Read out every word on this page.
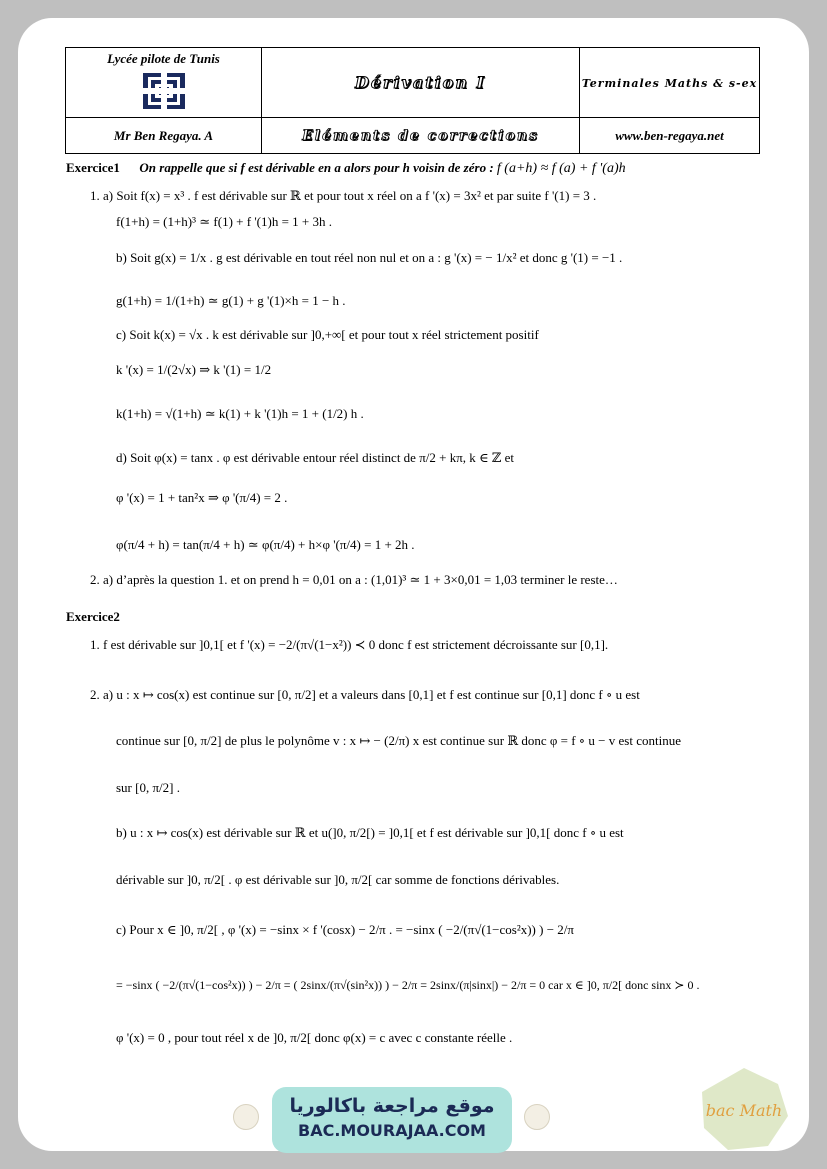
Lycée pilote de Tunis	Dérivation I	Terminales Maths & s-ex
Mr Ben Regaya. A	Eléments de corrections	www.ben-regaya.net
Exercice1 On rappelle que si f est dérivable en a alors pour h voisin de zéro : f (a+h) ≈ f (a) + f '(a)h
1. a) Soit f(x) = x³ . f est dérivable sur ℝ et pour tout x réel on a f '(x) = 3x² et par suite f '(1) = 3 .
f(1+h) = (1+h)³ ≃ f(1) + f '(1)h = 1 + 3h .
b) Soit g(x) = 1/x . g est dérivable en tout réel non nul et on a : g '(x) = − 1/x² et donc g '(1) = −1 .
g(1+h) = 1/(1+h) ≃ g(1) + g '(1)×h = 1 − h .
c) Soit k(x) = √x . k est dérivable sur ]0,+∞[ et pour tout x réel strictement positif
k '(x) = 1/(2√x) ⇒ k '(1) = 1/2
k(1+h) = √(1+h) ≃ k(1) + k '(1)h = 1 + (1/2) h .
d) Soit φ(x) = tanx . φ est dérivable entour réel distinct de π/2 + kπ, k ∈ ℤ et
φ '(x) = 1 + tan²x ⇒ φ '(π/4) = 2 .
φ(π/4 + h) = tan(π/4 + h) ≃ φ(π/4) + h×φ '(π/4) = 1 + 2h .
2. a) d’après la question 1. et on prend h = 0,01 on a : (1,01)³ ≃ 1 + 3×0,01 = 1,03 terminer le reste…
Exercice2
1. f est dérivable sur ]0,1[ et f '(x) = −2/(π√(1−x²)) ≺ 0 donc f est strictement décroissante sur [0,1].
2. a) u : x ↦ cos(x) est continue sur [0, π/2] et a valeurs dans [0,1] et f est continue sur [0,1] donc f ∘ u est
continue sur [0, π/2] de plus le polynôme v : x ↦ − (2/π) x est continue sur ℝ donc φ = f ∘ u − v est continue
sur [0, π/2] .
b) u : x ↦ cos(x) est dérivable sur ℝ et u(]0, π/2[) = ]0,1[ et f est dérivable sur ]0,1[ donc f ∘ u est
dérivable sur ]0, π/2[ . φ est dérivable sur ]0, π/2[ car somme de fonctions dérivables.
c) Pour x ∈ ]0, π/2[ , φ '(x) = −sinx × f '(cosx) − 2/π . = −sinx ( −2/(π√(1−cos²x)) ) − 2/π
= −sinx ( −2/(π√(1−cos²x)) ) − 2/π = ( 2sinx/(π√(sin²x)) ) − 2/π = 2sinx/(π|sinx|) − 2/π = 0 car x ∈ ]0, π/2[ donc sinx ≻ 0 .
φ '(x) = 0 , pour tout réel x de ]0, π/2[ donc φ(x) = c avec c constante réelle .
موقع مراجعة باكالوريا
BAC.MOURAJAA.COM
bac Math
